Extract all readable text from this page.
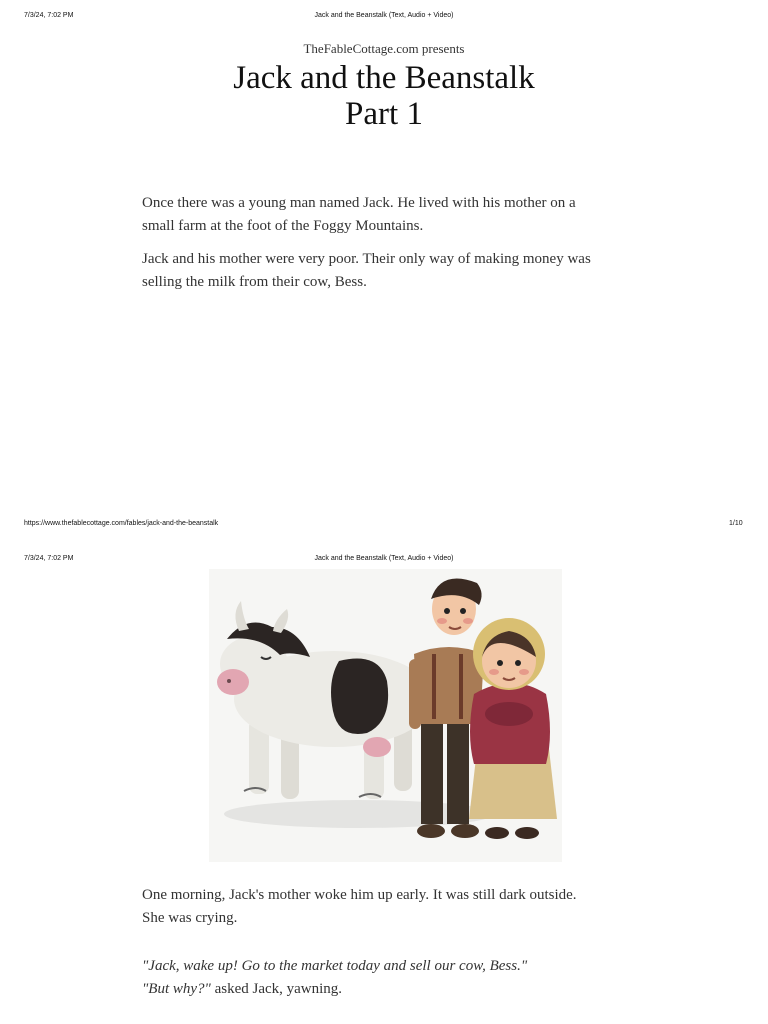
7/3/24, 7:02 PM	Jack and the Beanstalk (Text, Audio + Video)
TheFableCottage.com presents
Jack and the Beanstalk
Part 1

Once there was a young man named Jack. He lived with his mother on a

small farm at the foot of the Foggy Mountains.

Jack and his mother were very poor. Their only way of making money was

selling the milk from their cow, Bess.

https://www.thefablecottage.com/fables/jack-and-the-beanstalk	1/10
7/3/24, 7:02 PM	Jack and the Beanstalk (Text, Audio + Video)

One morning, Jack's mother woke him up early. It was still dark outside.

She was crying.

"Jack, wake up! Go to the market today and sell our cow, Bess."

"But why?" asked Jack, yawning.
